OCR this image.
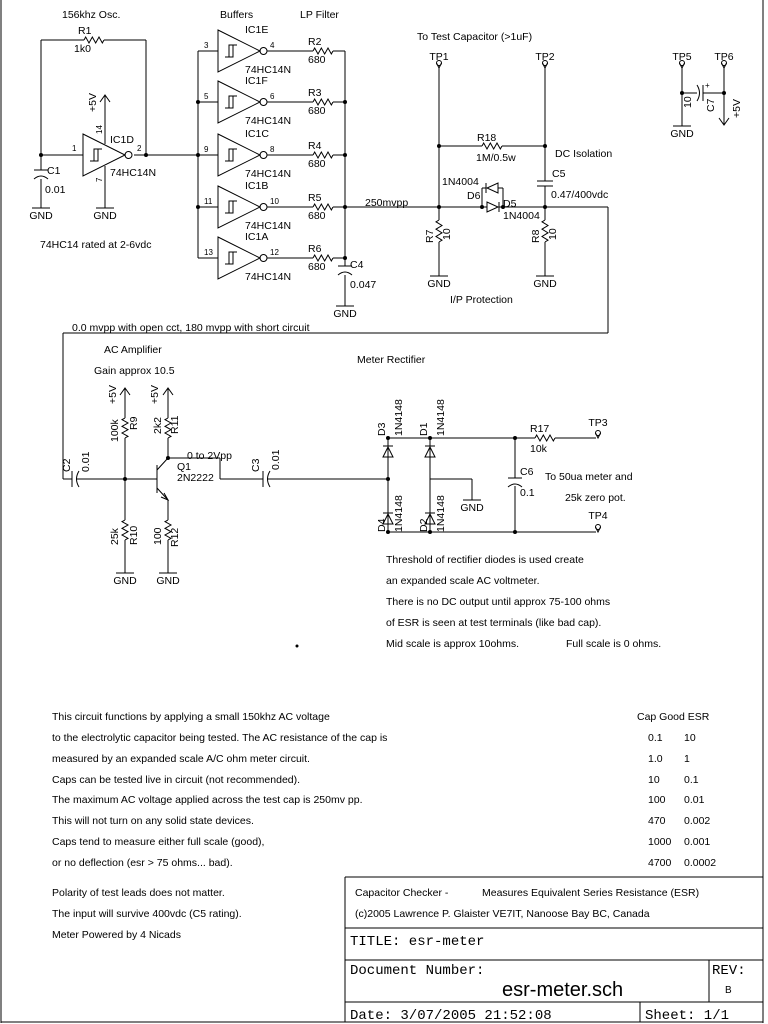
GND	GND
156khz Osc.
R1
1k0
1	2
14
7
+5V
IC1D
74HC14N
C1
0.01
3	4
IC1E
74HC14N
R2
680
5	6
IC1F
74HC14N
R3
680
9	8
IC1C
74HC14N
R4
680
11	10
IC1B
74HC14N
R5
680
13	12
IC1A
74HC14N
R6
680
GND
Buffers	LP Filter
C4
0.047
74HC14 rated at 2-6vdc
250mvpp
GND	GND
To Test Capacitor (>1uF)
TP1	TP2
R18
1M/0.5w	DC Isolation
C5
0.47/400vdc
1N4004
D6
D5
1N4004
R7 10	R8 10
I/P Protection
GND
TP5 TP6
10 C7 +5V
+
0.0 mvpp with open cct, 180 mvpp with short circuit
GND GND
AC Amplifier
Gain approx 10.5
Meter Rectifier
C2 0.01
+5V
100k R9
+5V
2k2 R11
25k R10 100 R12
Q1
2N2222
0 to 2Vpp
C3 0.01
GND
D3 1N4148 D1 1N4148
D4 1N4148 D2 1N4148
C6
0.1
R17
10k
TP3
TP4
To 50ua meter and
25k zero pot.
Threshold of rectifier diodes is used create
an expanded scale AC voltmeter.
There is no DC output until approx 75-100 ohms
of ESR is seen at test terminals (like bad cap).
Mid scale is approx 10ohms.	Full scale is 0 ohms.
This circuit functions by applying a small 150khz AC voltage
to the electrolytic capacitor being tested. The AC resistance of the cap is
measured by an expanded scale A/C ohm meter circuit.
Caps can be tested live in circuit (not recommended).
The maximum AC voltage applied across the test cap is 250mv pp.
This will not turn on any solid state devices.
Caps tend to measure either full scale (good),
or no deflection (esr > 75 ohms... bad).
Polarity of test leads does not matter.
The input will survive 400vdc (C5 rating).
Meter Powered by 4 Nicads
Cap Good ESR
0.1 10
1.0 1
10 0.1
100 0.01
470 0.002
1000 0.001
4700 0.0002
Capacitor Checker -	Measures Equivalent Series Resistance (ESR)
(c)2005 Lawrence P. Glaister VE7IT, Nanoose Bay BC, Canada
TITLE: esr-meter
Document Number:
esr-meter.sch
REV:
B
Date: 3/07/2005 21:52:08	Sheet: 1/1
